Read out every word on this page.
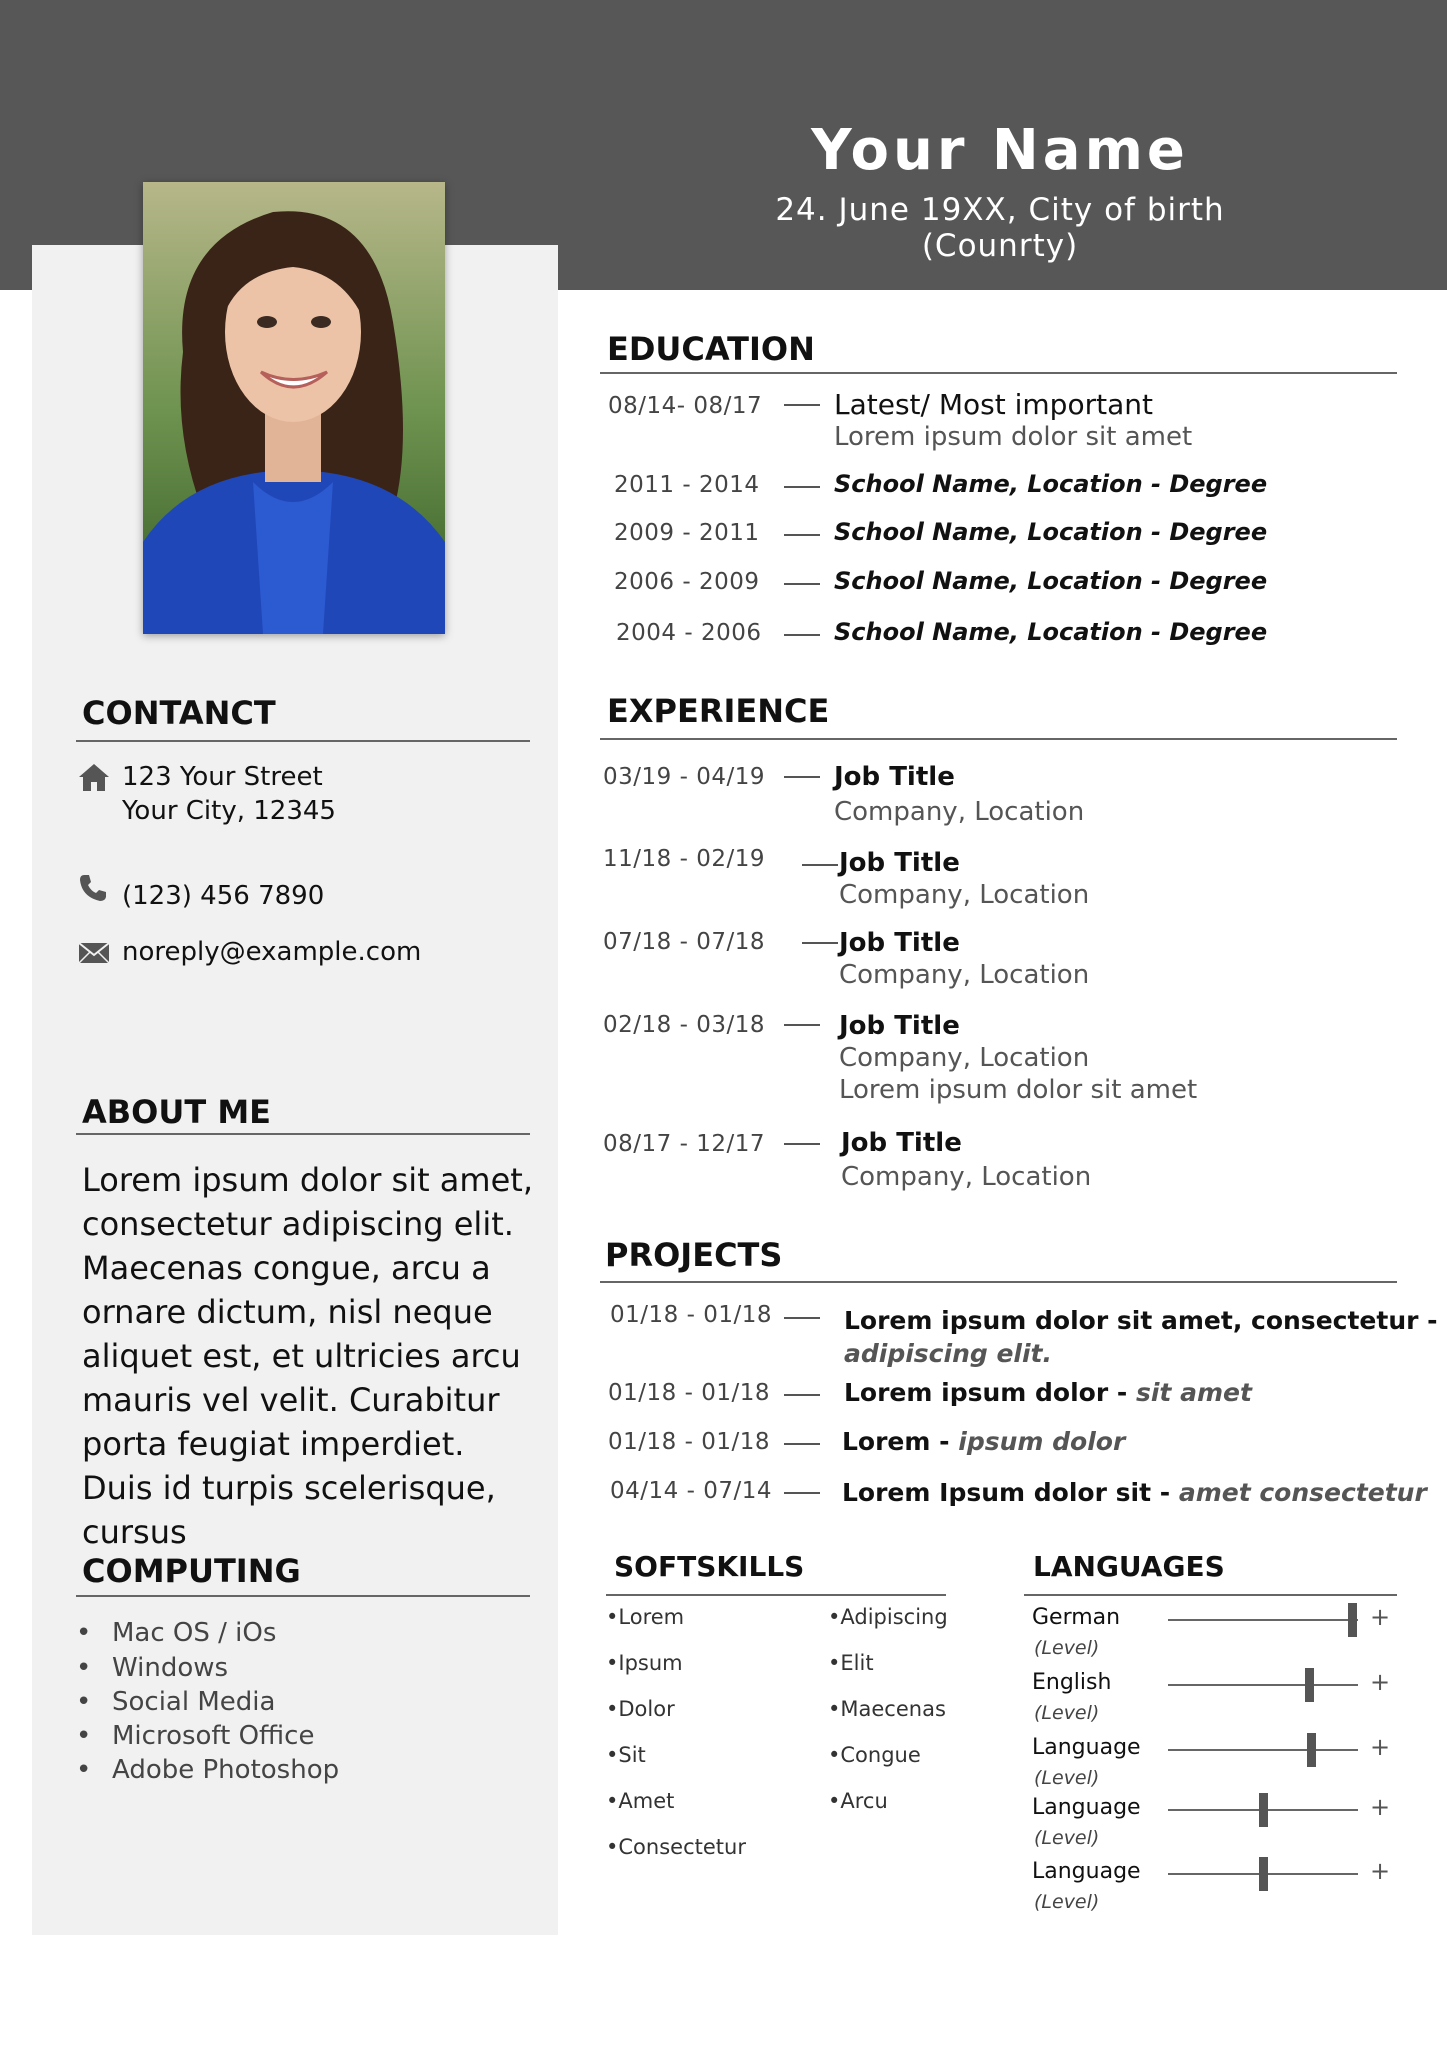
Your Name
24. June 19XX, City of birth (Counrty)
CONTANCT
123 Your Street
Your City, 12345
(123) 456 7890
noreply@example.com
ABOUT ME
Lorem ipsum dolor sit amet, consectetur adipiscing elit. Maecenas congue, arcu a ornare dictum, nisl neque aliquet est, et ultricies arcu mauris vel velit. Curabitur porta feugiat imperdiet. Duis id turpis scelerisque, cursus
COMPUTING
• Mac OS / iOs
• Windows
• Social Media
• Microsoft Office
• Adobe Photoshop
EDUCATION
08/14- 08/17	Latest/ Most important
Lorem ipsum dolor sit amet
2011 - 2014	School Name, Location - Degree
2009 - 2011	School Name, Location - Degree
2006 - 2009	School Name, Location - Degree
2004 - 2006	School Name, Location - Degree
EXPERIENCE
03/19 - 04/19	Job Title
Company, Location
11/18 - 02/19	Job Title
Company, Location
07/18 - 07/18	Job Title
Company, Location
02/18 - 03/18	Job Title
Company, Location
Lorem ipsum dolor sit amet
08/17 - 12/17	Job Title
Company, Location
PROJECTS
01/18 - 01/18	Lorem ipsum dolor sit amet, consectetur -
adipiscing elit.
01/18 - 01/18	Lorem ipsum dolor - sit amet
01/18 - 01/18	Lorem - ipsum dolor
04/14 - 07/14	Lorem Ipsum dolor sit - amet consectetur
SOFTSKILLS
•Lorem
•Ipsum
•Dolor
•Sit
•Amet
•Consectetur
•Adipiscing
•Elit
•Maecenas
•Congue
•Arcu
LANGUAGES
German
(Level)
+
English
(Level)
+
Language
(Level)
+
Language
(Level)
+
Language
(Level)
+
